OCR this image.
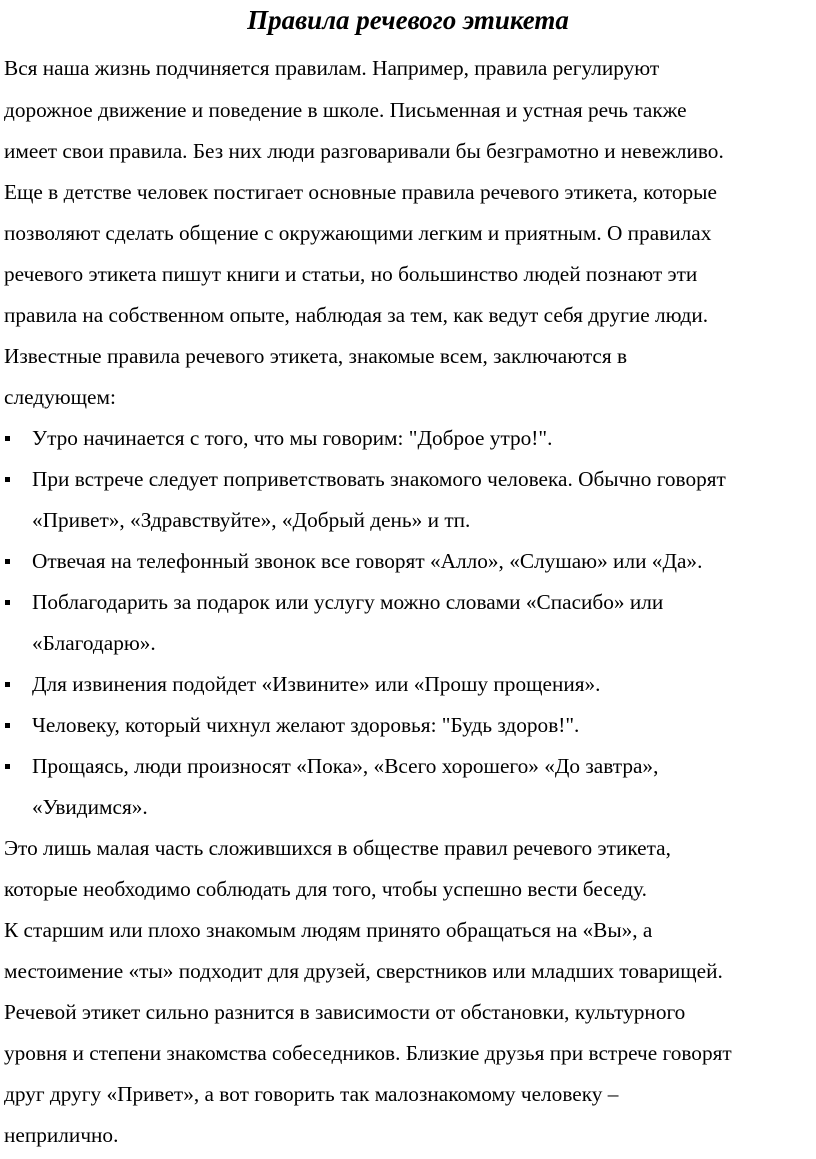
Правила речевого этикета
Вся наша жизнь подчиняется правилам. Например, правила регулируют
дорожное движение и поведение в школе. Письменная и устная речь также
имеет свои правила. Без них люди разговаривали бы безграмотно и невежливо.
Еще в детстве человек постигает основные правила речевого этикета, которые
позволяют сделать общение с окружающими легким и приятным. О правилах
речевого этикета пишут книги и статьи, но большинство людей познают эти
правила на собственном опыте, наблюдая за тем, как ведут себя другие люди.
Известные правила речевого этикета, знакомые всем, заключаются в
следующем:
Утро начинается с того, что мы говорим: "Доброе утро!".
При встрече следует поприветствовать знакомого человека. Обычно говорят
«Привет», «Здравствуйте», «Добрый день» и тп.
Отвечая на телефонный звонок все говорят «Алло», «Слушаю» или «Да».
Поблагодарить за подарок или услугу можно словами «Спасибо» или
«Благодарю».
Для извинения подойдет «Извините» или «Прошу прощения».
Человеку, который чихнул желают здоровья: "Будь здоров!".
Прощаясь, люди произносят «Пока», «Всего хорошего» «До завтра»,
«Увидимся».
Это лишь малая часть сложившихся в обществе правил речевого этикета,
которые необходимо соблюдать для того, чтобы успешно вести беседу.
К старшим или плохо знакомым людям принято обращаться на «Вы», а
местоимение «ты» подходит для друзей, сверстников или младших товарищей.
Речевой этикет сильно разнится в зависимости от обстановки, культурного
уровня и степени знакомства собеседников. Близкие друзья при встрече говорят
друг другу «Привет», а вот говорить так малознакомому человеку –
неприлично.
